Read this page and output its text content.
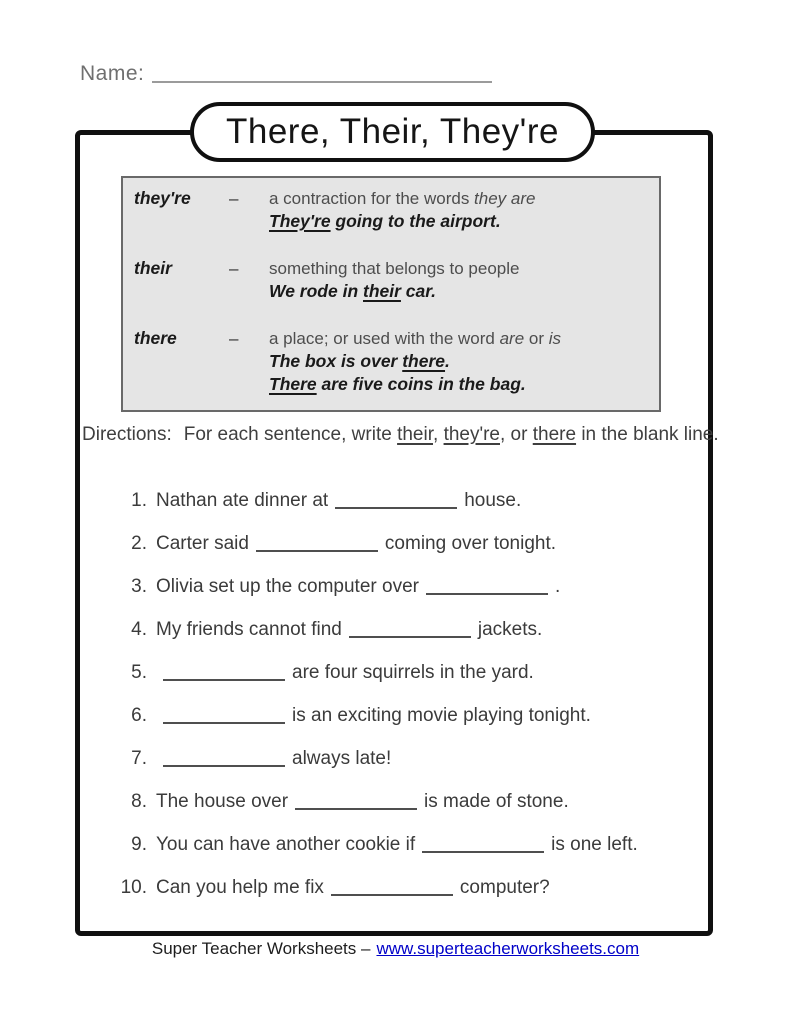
Name:
There, Their, They're
they're	–	a contraction for the words they are
They're going to the airport.
their	–	something that belongs to people
We rode in their car.
there	–	a place; or used with the word are or is
The box is over there.
There are five coins in the bag.
Directions: For each sentence, write their, they're, or there in the blank line.
1. Nathan ate dinner at	house.
2. Carter said	coming over tonight.
3. Olivia set up the computer over	.
4. My friends cannot find	jackets.
5.	are four squirrels in the yard.
6.	is an exciting movie playing tonight.
7.	always late!
8. The house over	is made of stone.
9. You can have another cookie if	is one left.
10. Can you help me fix	computer?
Super Teacher Worksheets – www.superteacherworksheets.com
